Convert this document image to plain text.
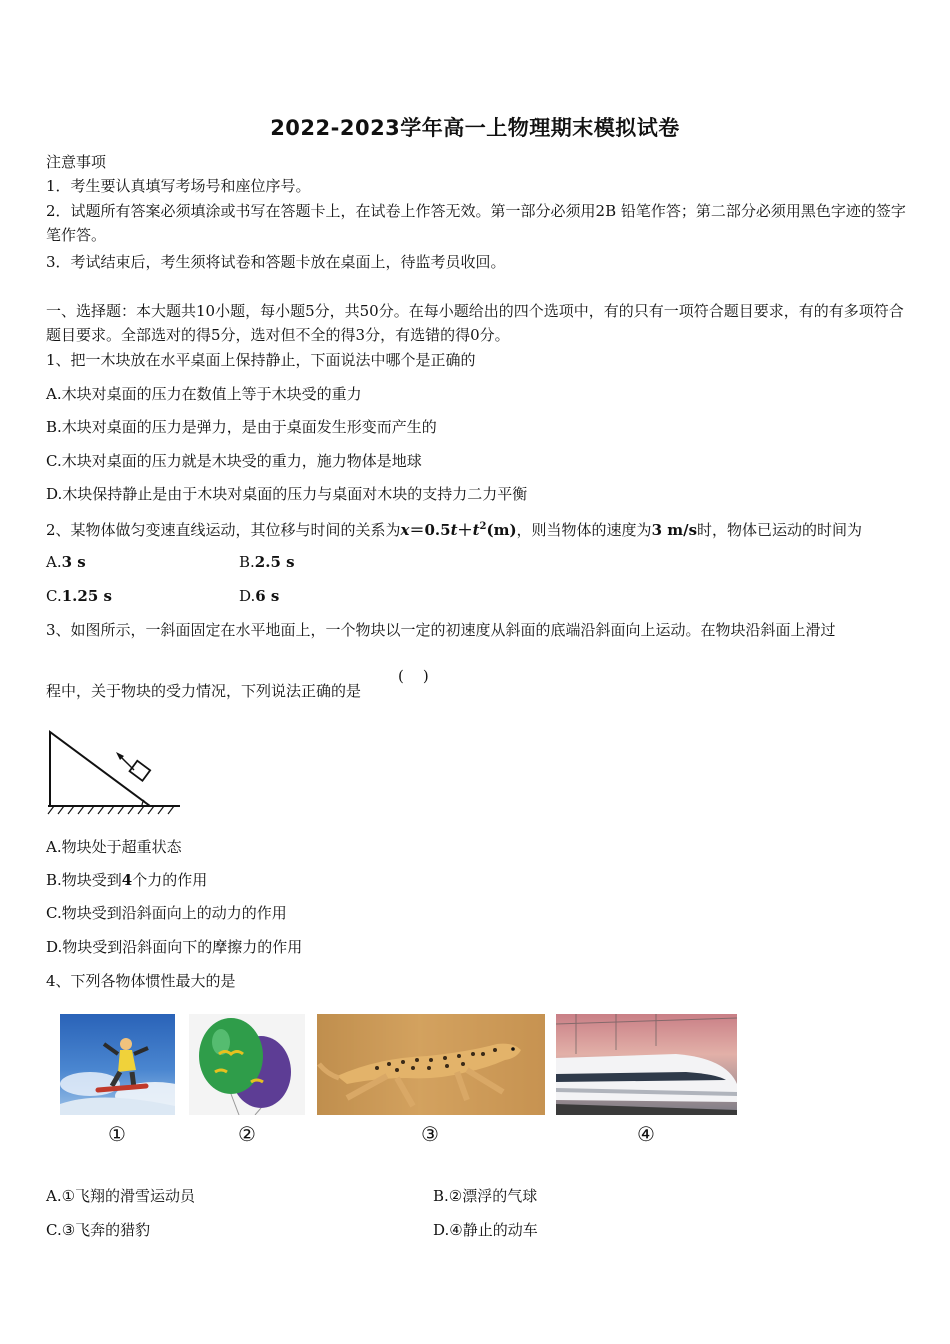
2022-2023学年高一上物理期末模拟试卷
注意事项
1．考生要认真填写考场号和座位序号。
2．试题所有答案必须填涂或书写在答题卡上，在试卷上作答无效。第一部分必须用2B 铅笔作答；第二部分必须用黑色字迹的签字笔作答。
3．考试结束后，考生须将试卷和答题卡放在桌面上，待监考员收回。
一、选择题：本大题共10小题，每小题5分，共50分。在每小题给出的四个选项中，有的只有一项符合题目要求，有的有多项符合题目要求。全部选对的得5分，选对但不全的得3分，有选错的得0分。
1、把一木块放在水平桌面上保持静止，下面说法中哪个是正确的
A.木块对桌面的压力在数值上等于木块受的重力
B.木块对桌面的压力是弹力，是由于桌面发生形变而产生的
C.木块对桌面的压力就是木块受的重力，施力物体是地球
D.木块保持静止是由于木块对桌面的压力与桌面对木块的支持力二力平衡
2、某物体做匀变速直线运动，其位移与时间的关系为$x=0.5t+t^2(m)$，则当物体的速度为3 m/s时，物体已运动的时间为
A.3 s	B.2.5 s
C.1.25 s	D.6 s
3、如图所示，一斜面固定在水平地面上，一个物块以一定的初速度从斜面的底端沿斜面向上运动。在物块沿斜面上滑过
程中，关于物块的受力情况，下列说法正确的是
(    )
A.物块处于超重状态
B.物块受到4个力的作用
C.物块受到沿斜面向上的动力的作用
D.物块受到沿斜面向下的摩擦力的作用
4、下列各物体惯性最大的是
①	②	③	④
A.①飞翔的滑雪运动员	B.②漂浮的气球
C.③飞奔的猎豹	D.④静止的动车
